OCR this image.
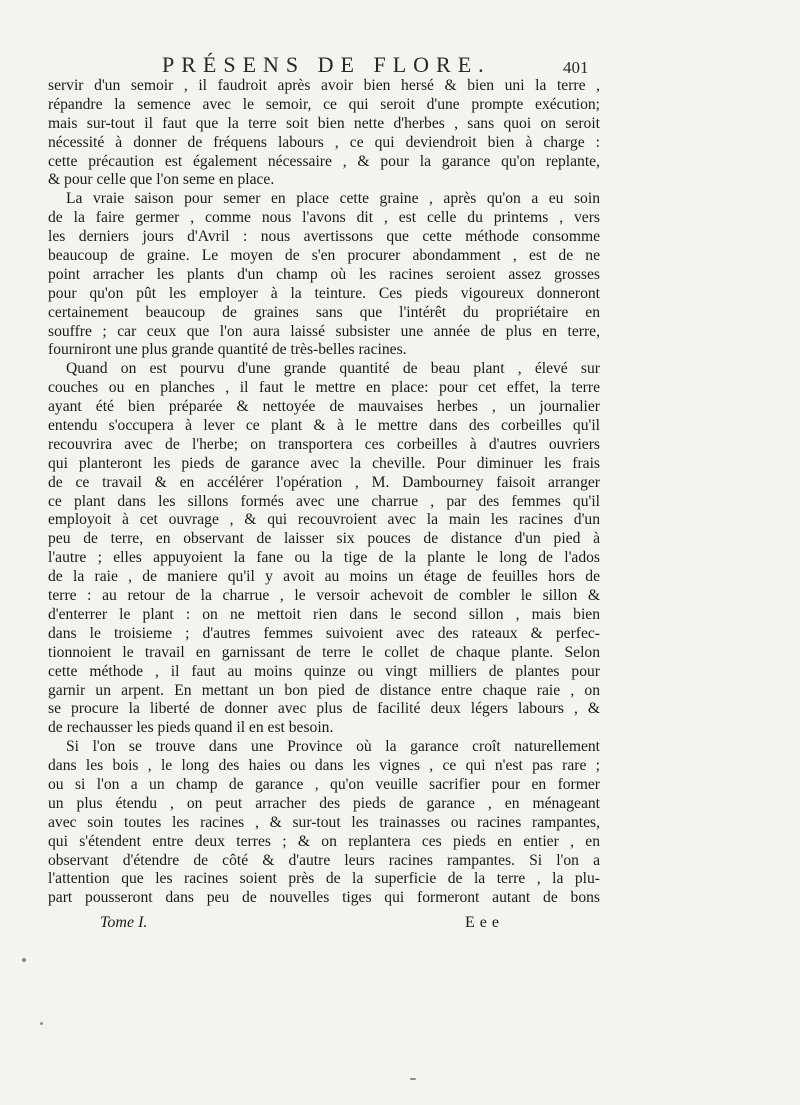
PRÉSENS DE FLORE.	401
servir d'un semoir , il faudroit après avoir bien hersé & bien uni la terre ,
répandre la semence avec le semoir, ce qui seroit d'une prompte exécution;
mais sur-tout il faut que la terre soit bien nette d'herbes , sans quoi on seroit
nécessité à donner de fréquens labours , ce qui deviendroit bien à charge :
cette précaution est également nécessaire , & pour la garance qu'on replante,
& pour celle que l'on seme en place.
La vraie saison pour semer en place cette graine , après qu'on a eu soin
de la faire germer , comme nous l'avons dit , est celle du printems , vers
les derniers jours d'Avril : nous avertissons que cette méthode consomme
beaucoup de graine. Le moyen de s'en procurer abondamment , est de ne
point arracher les plants d'un champ où les racines seroient assez grosses
pour qu'on pût les employer à la teinture. Ces pieds vigoureux donneront
certainement beaucoup de graines sans que l'intérêt du propriétaire en
souffre ; car ceux que l'on aura laissé subsister une année de plus en terre,
fourniront une plus grande quantité de très-belles racines.
Quand on est pourvu d'une grande quantité de beau plant , élevé sur
couches ou en planches , il faut le mettre en place: pour cet effet, la terre
ayant été bien préparée & nettoyée de mauvaises herbes , un journalier
entendu s'occupera à lever ce plant & à le mettre dans des corbeilles qu'il
recouvrira avec de l'herbe; on transportera ces corbeilles à d'autres ouvriers
qui planteront les pieds de garance avec la cheville. Pour diminuer les frais
de ce travail & en accélérer l'opération , M. Dambourney faisoit arranger
ce plant dans les sillons formés avec une charrue , par des femmes qu'il
employoit à cet ouvrage , & qui recouvroient avec la main les racines d'un
peu de terre, en observant de laisser six pouces de distance d'un pied à
l'autre ; elles appuyoient la fane ou la tige de la plante le long de l'ados
de la raie , de maniere qu'il y avoit au moins un étage de feuilles hors de
terre : au retour de la charrue , le versoir achevoit de combler le sillon &
d'enterrer le plant : on ne mettoit rien dans le second sillon , mais bien
dans le troisieme ; d'autres femmes suivoient avec des rateaux & perfec-
tionnoient le travail en garnissant de terre le collet de chaque plante. Selon
cette méthode , il faut au moins quinze ou vingt milliers de plantes pour
garnir un arpent. En mettant un bon pied de distance entre chaque raie , on
se procure la liberté de donner avec plus de facilité deux légers labours , &
de rechausser les pieds quand il en est besoin.
Si l'on se trouve dans une Province où la garance croît naturellement
dans les bois , le long des haies ou dans les vignes , ce qui n'est pas rare ;
ou si l'on a un champ de garance , qu'on veuille sacrifier pour en former
un plus étendu , on peut arracher des pieds de garance , en ménageant
avec soin toutes les racines , & sur-tout les trainasses ou racines rampantes,
qui s'étendent entre deux terres ; & on replantera ces pieds en entier , en
observant d'étendre de côté & d'autre leurs racines rampantes. Si l'on a
l'attention que les racines soient près de la superficie de la terre , la plu-
part pousseront dans peu de nouvelles tiges qui formeront autant de bons
Tome I.	Eee
